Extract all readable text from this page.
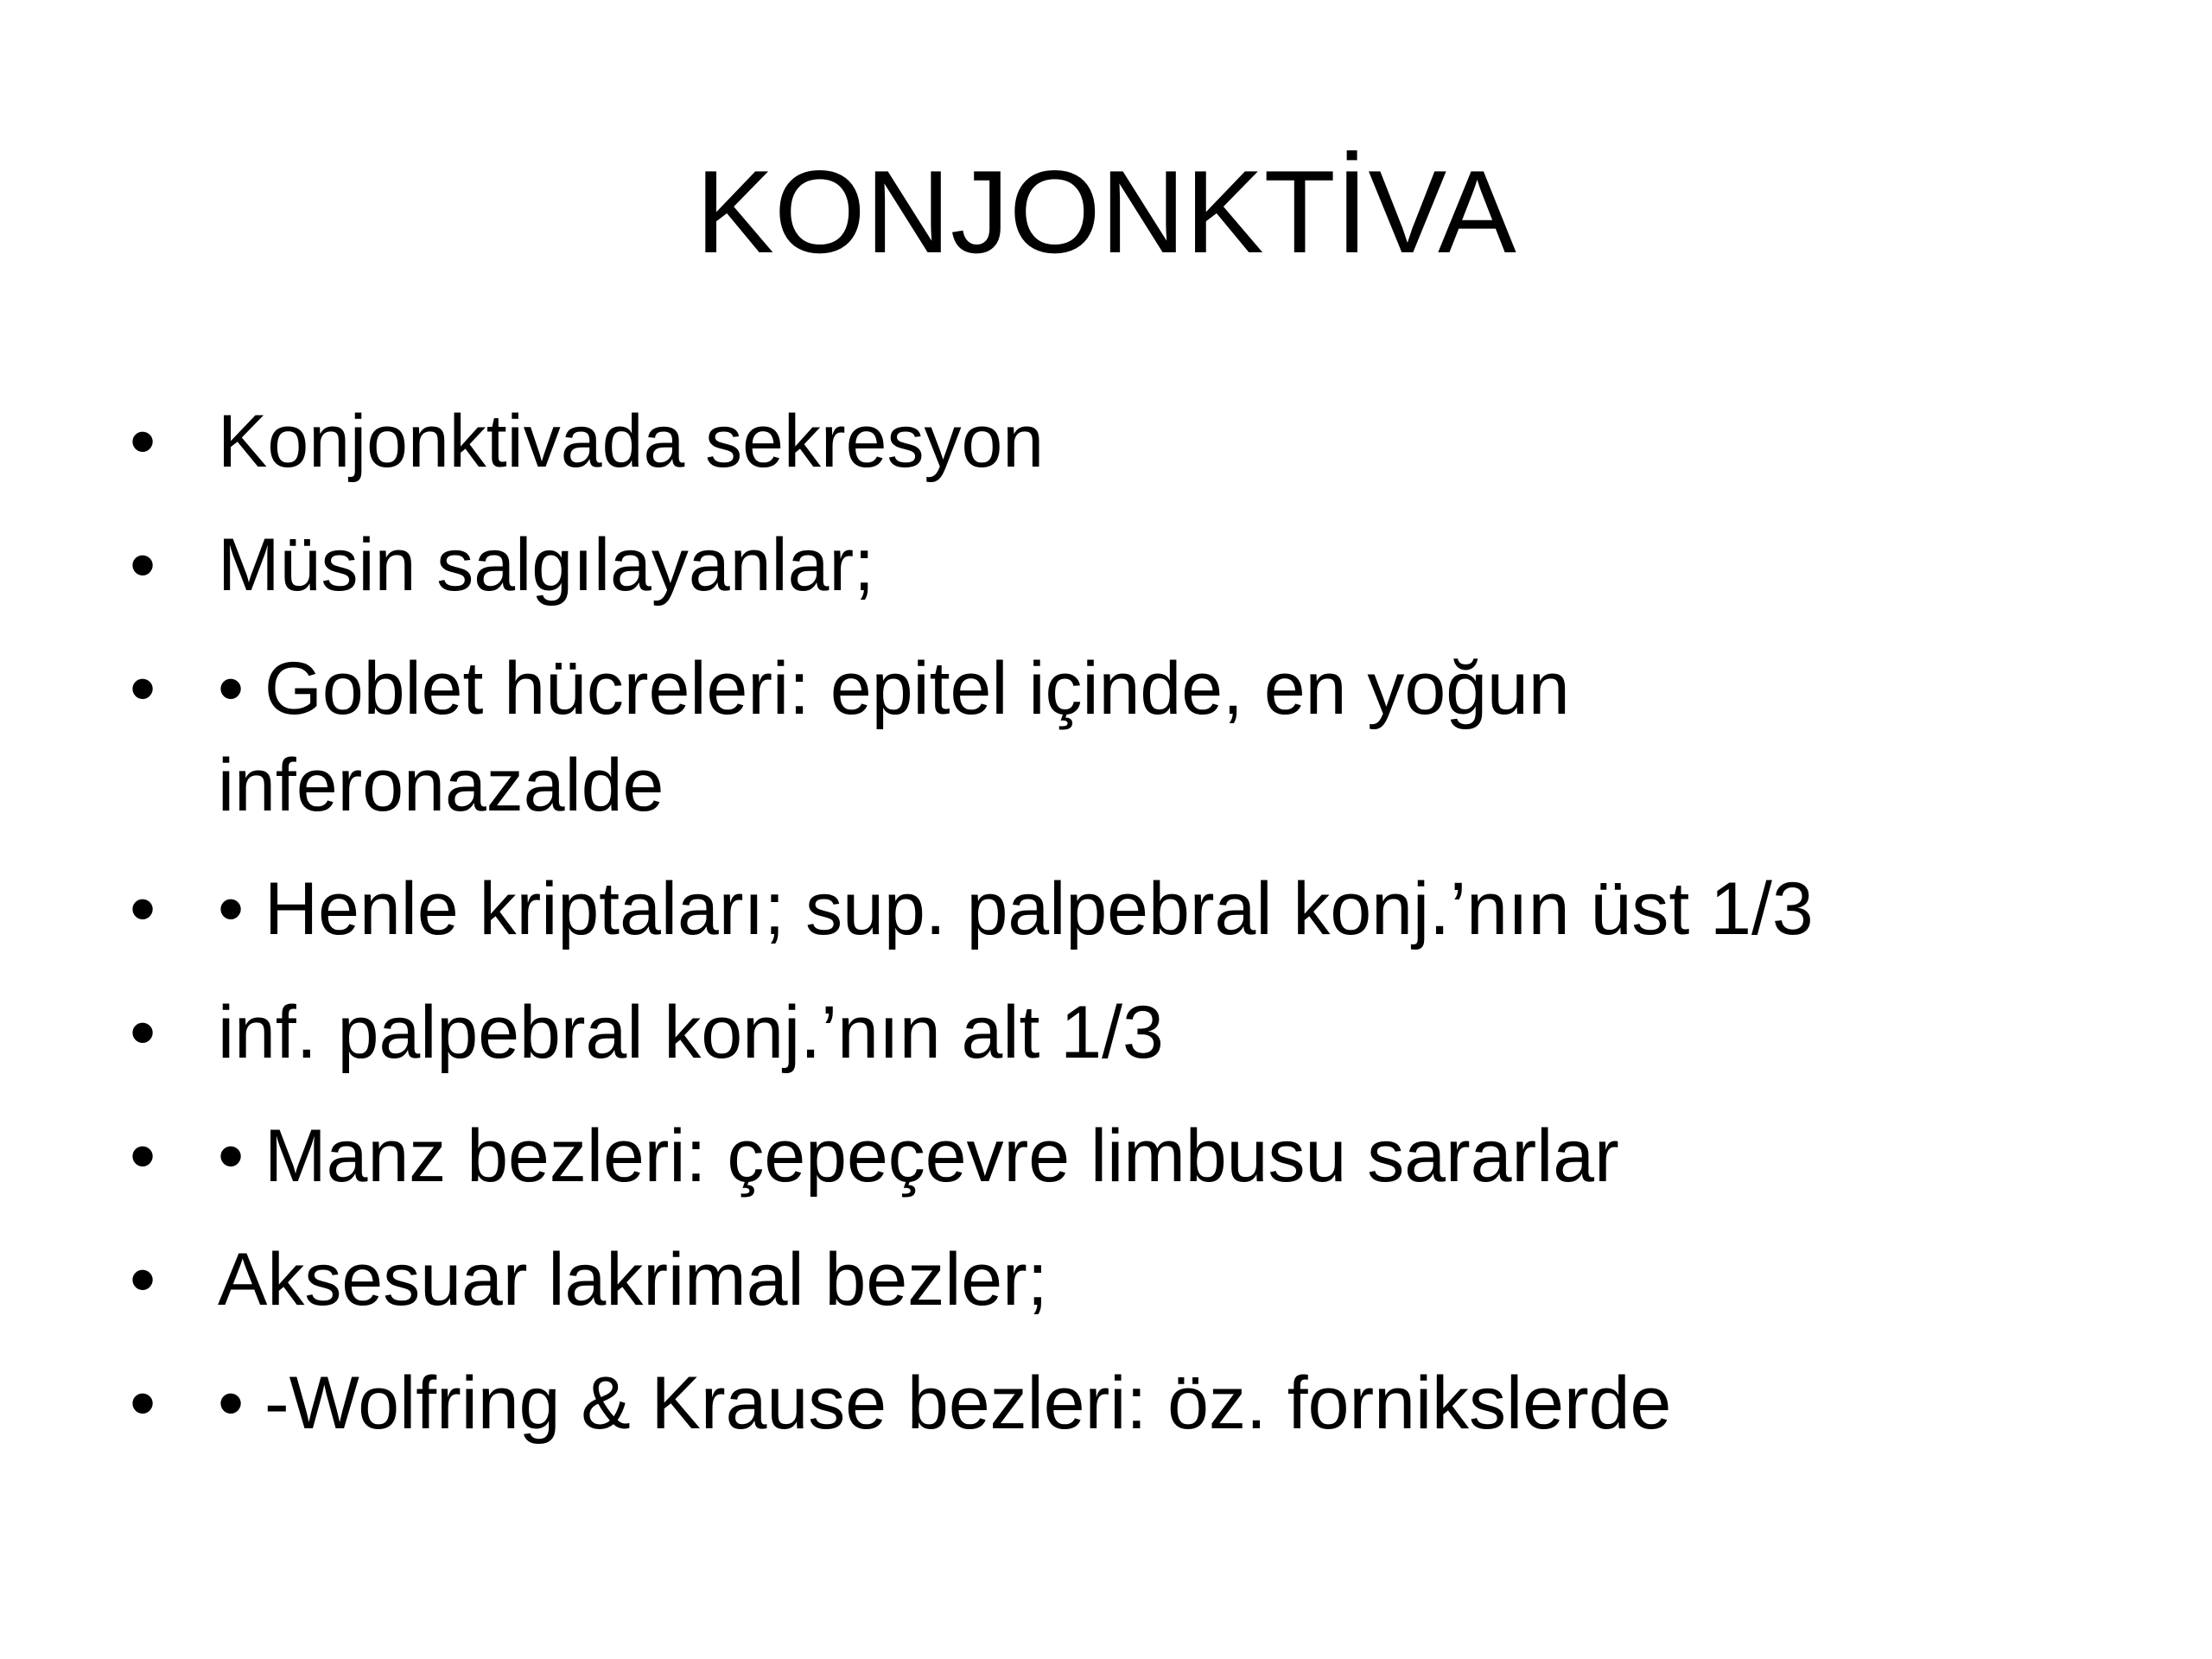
KONJONKTİVA
• Konjonktivada sekresyon
• Müsin salgılayanlar;
• • Goblet hücreleri: epitel içinde, en yoğun inferonazalde
• • Henle kriptaları; sup. palpebral konj.’nın üst 1/3
• inf. palpebral konj.’nın alt 1/3
• • Manz bezleri: çepeçevre limbusu sararlar
• Aksesuar lakrimal bezler;
• • -Wolfring & Krause bezleri: öz. fornikslerde
